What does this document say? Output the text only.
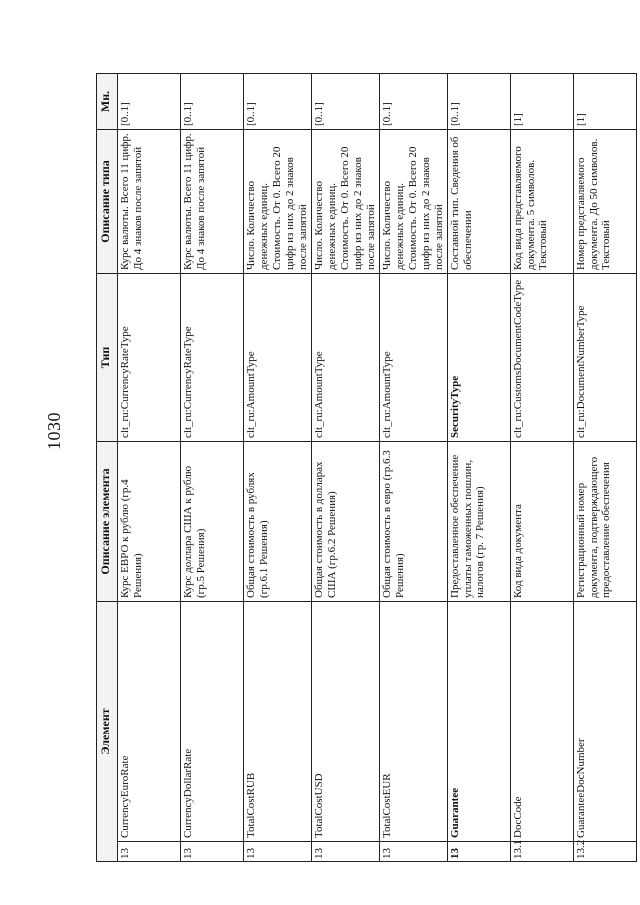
1030
Элемент		Описание элемента	Тип	Описание типа	Мн.
13	CurrencyEuroRate	Курс ЕВРО к рублю (гр.4 Решения)	clt_ru:CurrencyRateType	Курс валюты. Всего 11 цифр. До 4 знаков после запятой	[0..1]
13	CurrencyDollarRate	Курс доллара США к рублю (гр.5 Решения)	clt_ru:CurrencyRateType	Курс валюты. Всего 11 цифр. До 4 знаков после запятой	[0..1]
13	TotalCostRUB	Общая стоимость в рублях (гр.6.1 Решения)	clt_ru:AmountType	Число. Количество денежных единиц. Стоимость. От 0. Всего 20 цифр из них до 2 знаков после запятой	[0..1]
13	TotalCostUSD	Общая стоимость в долларах США (гр.6.2 Решения)	clt_ru:AmountType	Число. Количество денежных единиц. Стоимость. От 0. Всего 20 цифр из них до 2 знаков после запятой	[0..1]
13	TotalCostEUR	Общая стоимость в евро (гр.6.3 Решения)	clt_ru:AmountType	Число. Количество денежных единиц. Стоимость. От 0. Всего 20 цифр из них до 2 знаков после запятой	[0..1]
13	Guarantee	Предоставленное обеспечение уплаты таможенных пошлин, налогов (гр. 7 Решения)	SecurityType	Составной тип. Сведения об обеспечении	[0..1]
13.1	DocCode	Код вида документа	clt_ru:CustomsDocumentCodeType	Код вида представляемого документа. 5 символов. Текстовый	[1]
13.2	GuaranteeDocNumber	Регистрационный номер документа, подтверждающего предоставление обеспечения	clt_ru:DocumentNumberType	Номер представляемого документа. До 50 символов. Текстовый	[1]
